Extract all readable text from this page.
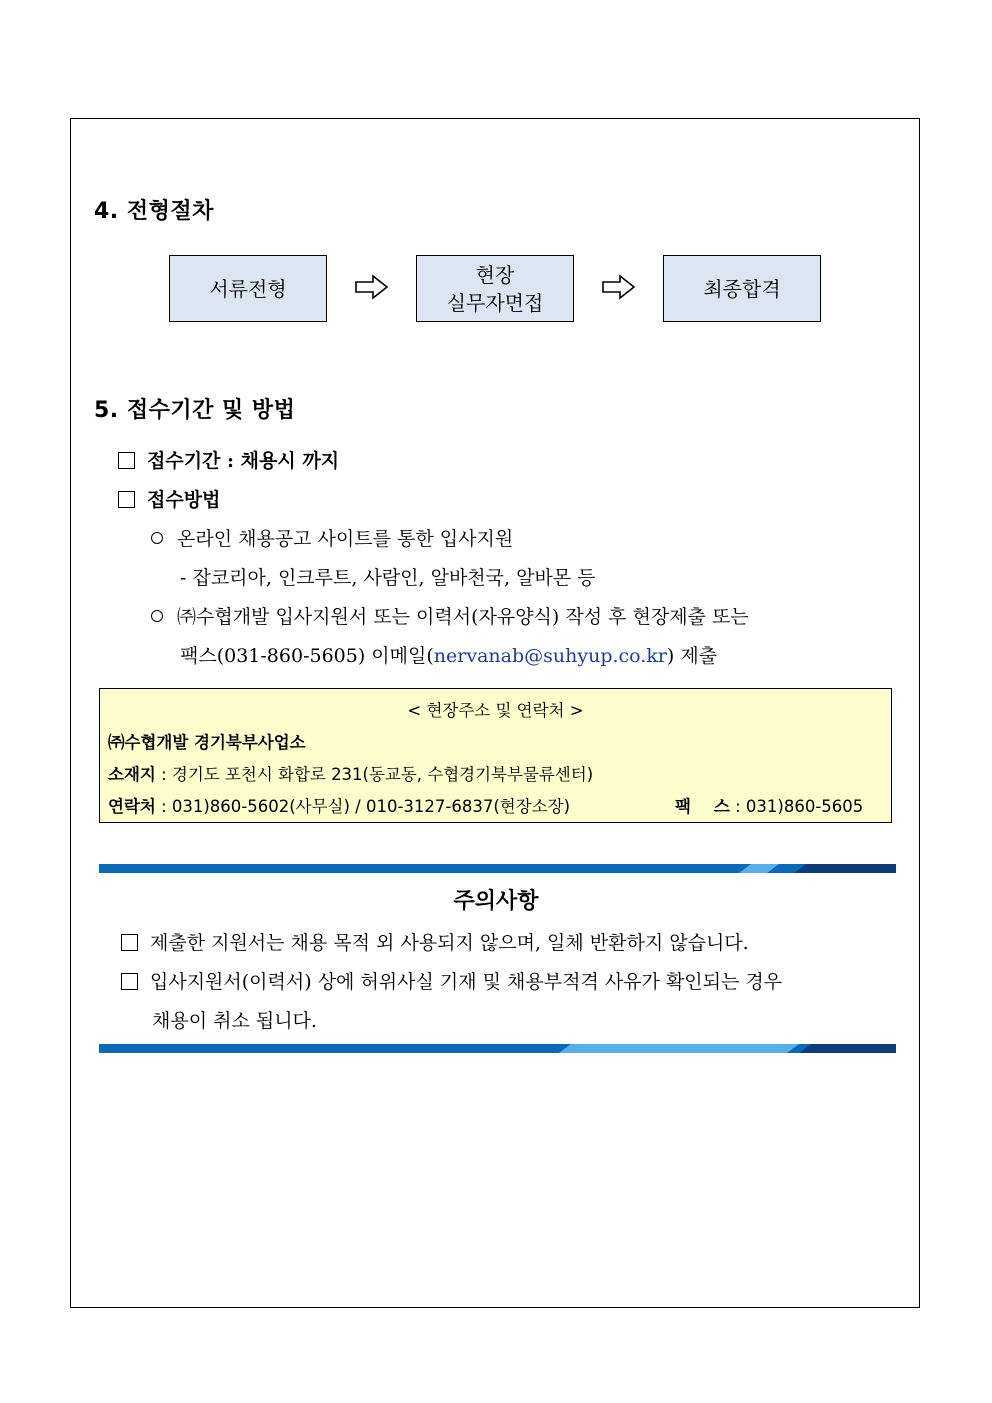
4. 전형절차
서류전형
현장
실무자면접
최종합격
5. 접수기간 및 방법
접수기간 : 채용시 까지
접수방법
온라인 채용공고 사이트를 통한 입사지원
- 잡코리아, 인크루트, 사람인, 알바천국, 알바몬 등
㈜수협개발 입사지원서 또는 이력서(자유양식) 작성 후 현장제출 또는
팩스(031-860-5605) 이메일(nervanab@suhyup.co.kr) 제출
< 현장주소 및 연락처 >
㈜수협개발 경기북부사업소
소재지 : 경기도 포천시 화합로 231(동교동, 수협경기북부물류센터)
연락처 : 031)860-5602(사무실) / 010-3127-6837(현장소장)	팩    스 : 031)860-5605
주의사항
제출한 지원서는 채용 목적 외 사용되지 않으며, 일체 반환하지 않습니다.
입사지원서(이력서) 상에 허위사실 기재 및 채용부적격 사유가 확인되는 경우
채용이 취소 됩니다.
